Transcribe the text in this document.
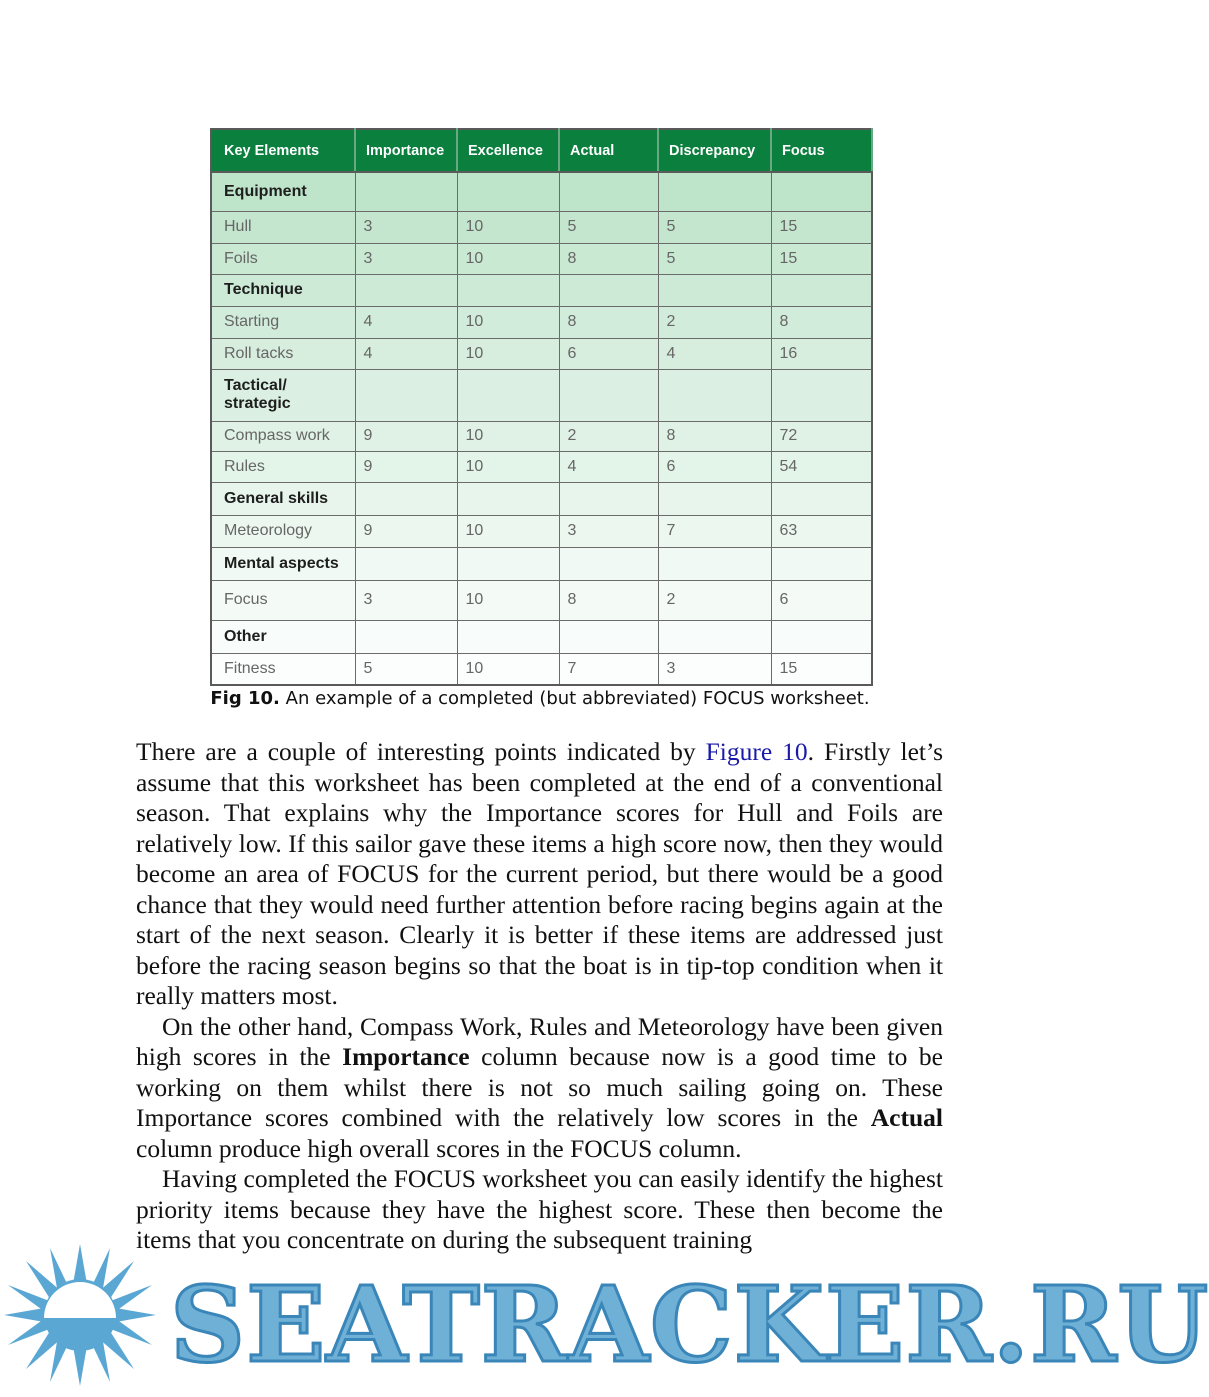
Key Elements	Importance	Excellence	Actual	Discrepancy	Focus
Equipment					
Hull	3	10	5	5	15
Foils	3	10	8	5	15
Technique					
Starting	4	10	8	2	8
Roll tacks	4	10	6	4	16
Tactical/ strategic					
Compass work	9	10	2	8	72
Rules	9	10	4	6	54
General skills					
Meteorology	9	10	3	7	63
Mental aspects					
Focus	3	10	8	2	6
Other					
Fitness	5	10	7	3	15
Fig 10. An example of a completed (but abbreviated) FOCUS worksheet.

There are a couple of interesting points indicated by Figure 10. Firstly let’s assume that this worksheet has been completed at the end of a conventional season. That explains why the Importance scores for Hull and Foils are relatively low. If this sailor gave these items a high score now, then they would become an area of FOCUS for the current period, but there would be a good chance that they would need further attention before racing begins again at the start of the next season. Clearly it is better if these items are addressed just before the racing season begins so that the boat is in tip-top condition when it really matters most.

On the other hand, Compass Work, Rules and Meteorology have been given high scores in the Importance column because now is a good time to be working on them whilst there is not so much sailing going on. These Importance scores combined with the relatively low scores in the Actual column produce high overall scores in the FOCUS column.

Having completed the FOCUS worksheet you can easily identify the highest priority items because they have the highest score. These then become the items that you concentrate on during the subsequent training

SEATRACKER.RU
